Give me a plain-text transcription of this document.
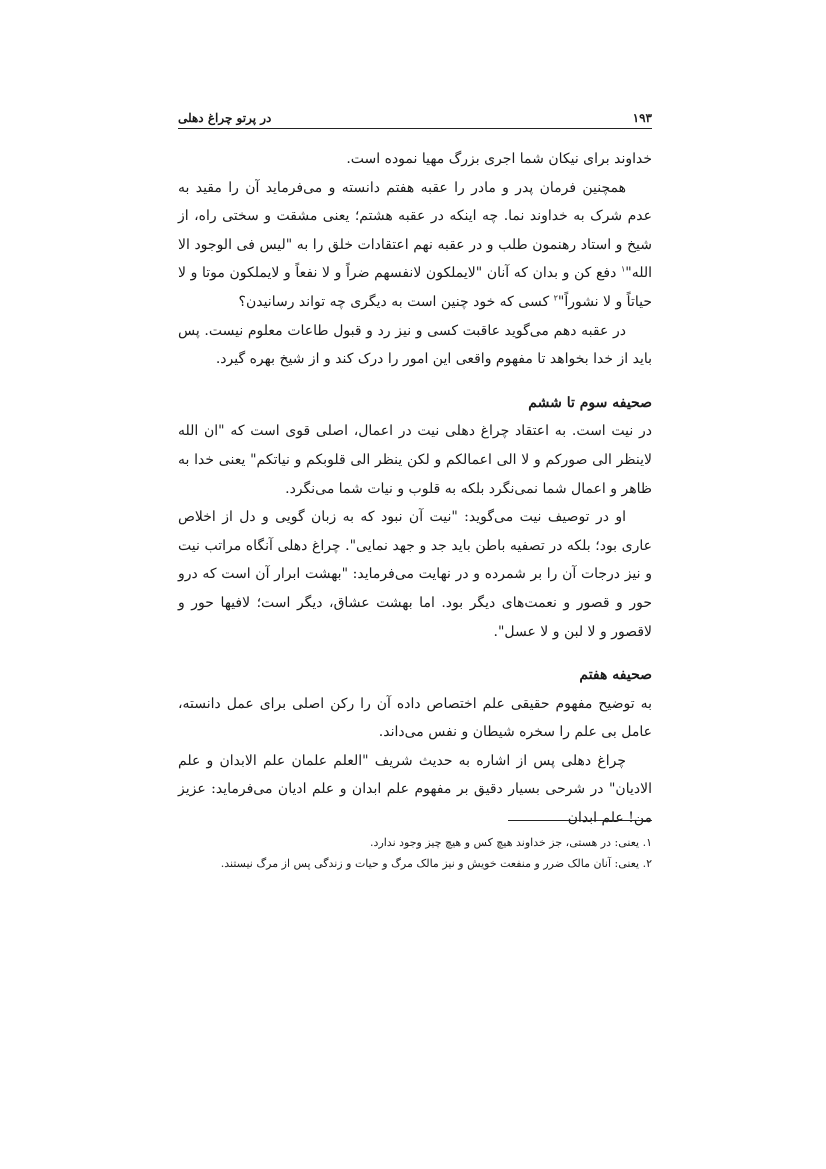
۱۹۳
در پرتو چراغ دهلی

خداوند برای نیکان شما اجری بزرگ مهیا نموده است.

همچنین فرمان پدر و مادر را عقبه هفتم دانسته و می‌فرماید آن را مقید به عدم شرک به خداوند نما. چه اینکه در عقبه هشتم؛ یعنی مشقت و سختی راه، از شیخ و استاد رهنمون طلب و در عقبه نهم اعتقادات خلق را به "لیس فی الوجود الا الله"$^۱$ دفع کن و بدان که آنان "لایملکون لانفسهم ضراً و لا نفعاً و لایملکون موتا و لا حیاتاً و لا نشوراً"$^۲$ کسی که خود چنین است به دیگری چه تواند رسانیدن؟

در عقبه دهم می‌گوید عاقبت کسی و نیز رد و قبول طاعات معلوم نیست. پس باید از خدا بخواهد تا مفهوم واقعی این امور را درک کند و از شیخ بهره گیرد.

صحیفه سوم تا ششم

در نیت است. به اعتقاد چراغ دهلی نیت در اعمال، اصلی قوی است که "ان الله لاینظر الی صورکم و لا الی اعمالکم و لکن ینظر الی قلوبکم و نیاتکم" یعنی خدا به ظاهر و اعمال شما نمی‌نگرد بلکه به قلوب و نیات شما می‌نگرد.

او در توصیف نیت می‌گوید: "نیت آن نبود که به زبان گویی و دل از اخلاص عاری بود؛ بلکه در تصفیه باطن باید جد و جهد نمایی". چراغ دهلی آنگاه مراتب نیت و نیز درجات آن را بر شمرده و در نهایت می‌فرماید: "بهشت ابرار آن است که درو حور و قصور و نعمت‌های دیگر بود. اما بهشت عشاق، دیگر است؛ لافیها حور و لاقصور و لا لبن و لا عسل".

صحیفه هفتم

به توضیح مفهوم حقیقی علم اختصاص داده آن را رکن اصلی برای عمل دانسته، عامل بی علم را سخره شیطان و نفس می‌داند.

چراغ دهلی پس از اشاره به حدیث شریف "العلم علمان علم الابدان و علم الادیان" در شرحی بسیار دقیق بر مفهوم علم ابدان و علم ادیان می‌فرماید: عزیز من! علم ابدان

۱. یعنی: در هستی، جز خداوند هیچ کس و هیچ چیز وجود ندارد.

۲. یعنی: آنان مالک ضرر و منفعت خویش و نیز مالک مرگ و حیات و زندگی پس از مرگ نیستند.
